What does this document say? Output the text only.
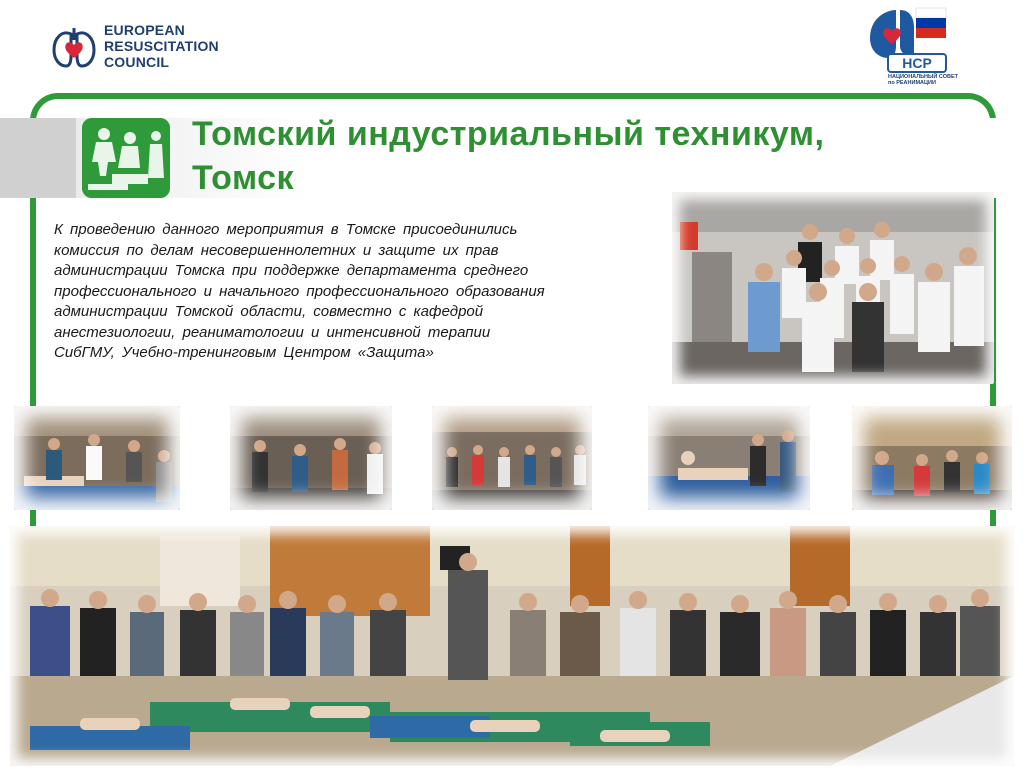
EUROPEAN
RESUSCITATION
COUNCIL	НСР
НАЦИОНАЛЬНЫЙ СОВЕТ
по РЕАНИМАЦИИ
Томский индустриальный техникум,
Томск
К проведению данного мероприятия в Томске присоединились
комиссия по делам несовершеннолетних и защите их прав
администрации Томска при поддержке департамента среднего
профессионального и начального профессионального образования
администрации Томской области, совместно с кафедрой
анестезиологии, реаниматологии и интенсивной терапии
СибГМУ, Учебно-тренинговым Центром «Защита»
